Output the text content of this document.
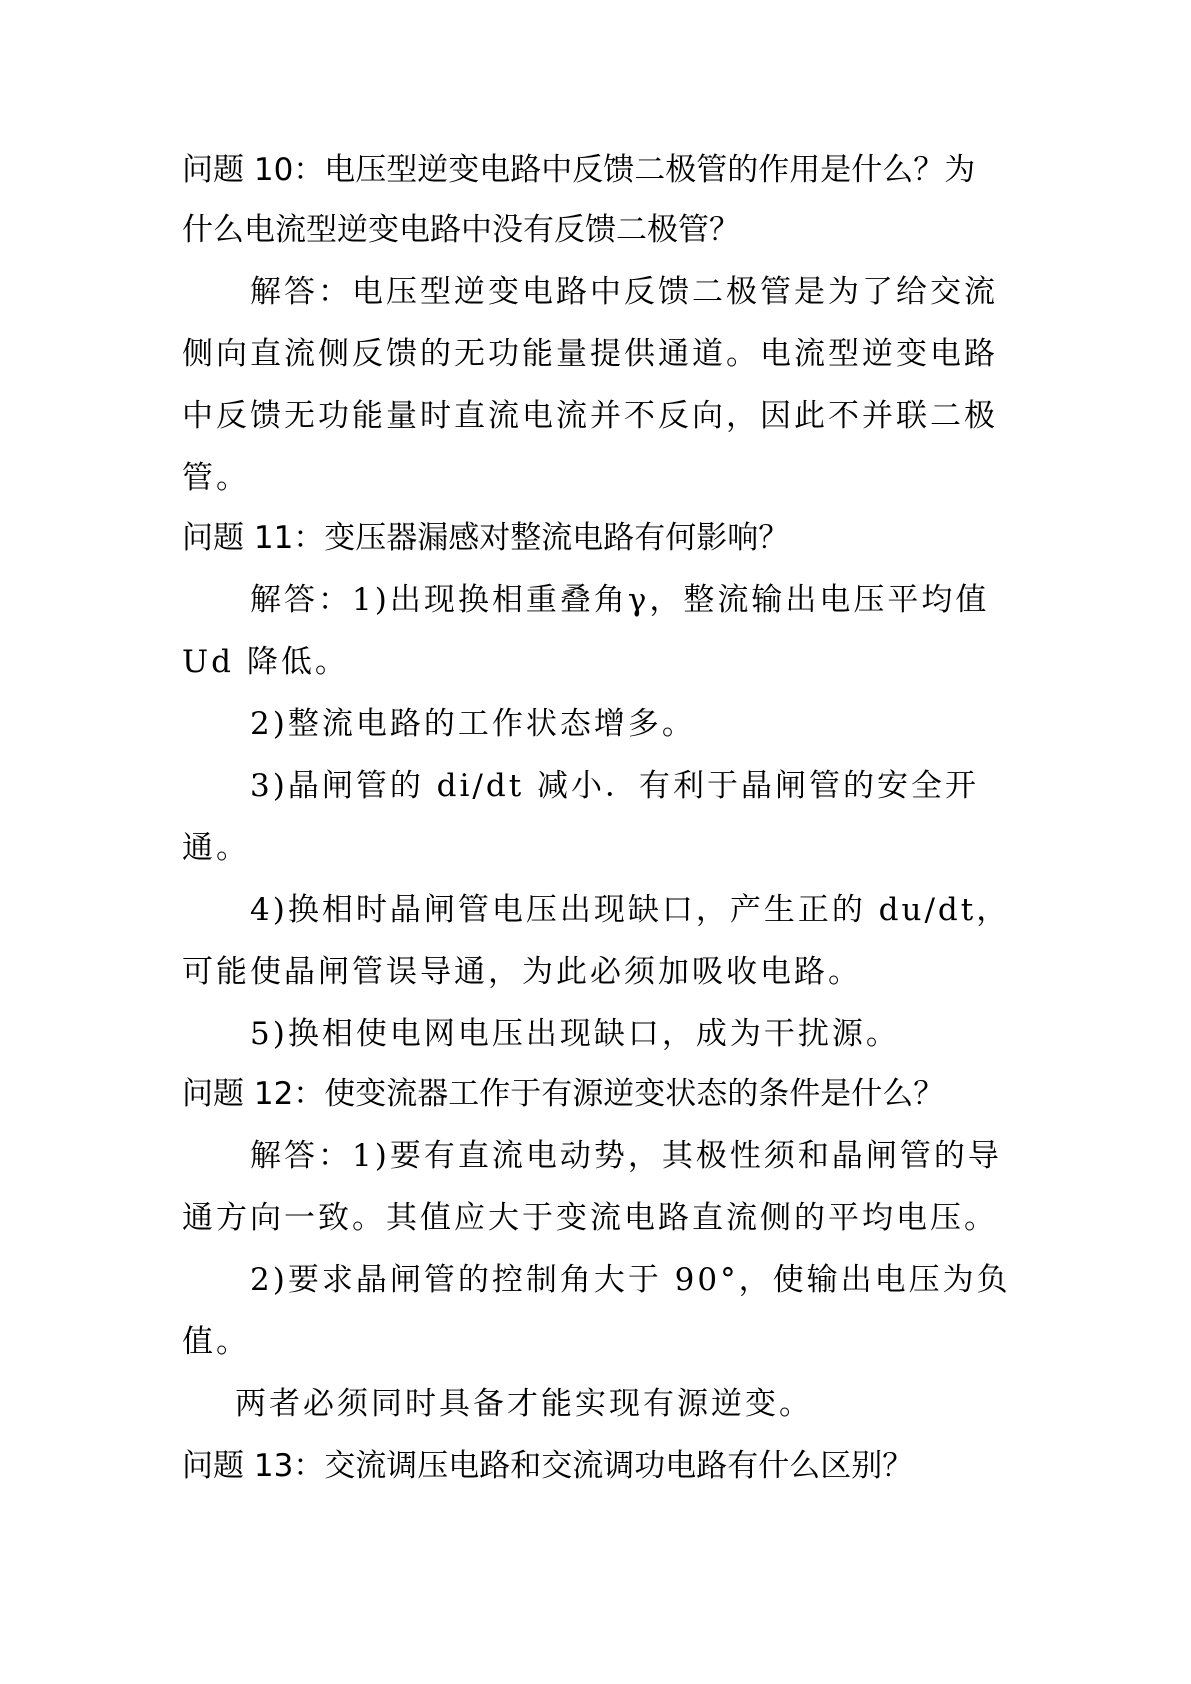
问题 10：电压型逆变电路中反馈二极管的作用是什么？为
什么电流型逆变电路中没有反馈二极管？
解答：电压型逆变电路中反馈二极管是为了给交流
侧向直流侧反馈的无功能量提供通道。电流型逆变电路
中反馈无功能量时直流电流并不反向，因此不并联二极
管。
问题 11：变压器漏感对整流电路有何影响？
解答：1)出现换相重叠角γ，整流输出电压平均值
Ud 降低。
2)整流电路的工作状态增多。
3)晶闸管的 di/dt 减小．有利于晶闸管的安全开
通。
4)换相时晶闸管电压出现缺口，产生正的 du/dt，
可能使晶闸管误导通，为此必须加吸收电路。
5)换相使电网电压出现缺口，成为干扰源。
问题 12：使变流器工作于有源逆变状态的条件是什么？
解答：1)要有直流电动势，其极性须和晶闸管的导
通方向一致。其值应大于变流电路直流侧的平均电压。
2)要求晶闸管的控制角大于 90°，使输出电压为负
值。
两者必须同时具备才能实现有源逆变。
问题 13：交流调压电路和交流调功电路有什么区别？
